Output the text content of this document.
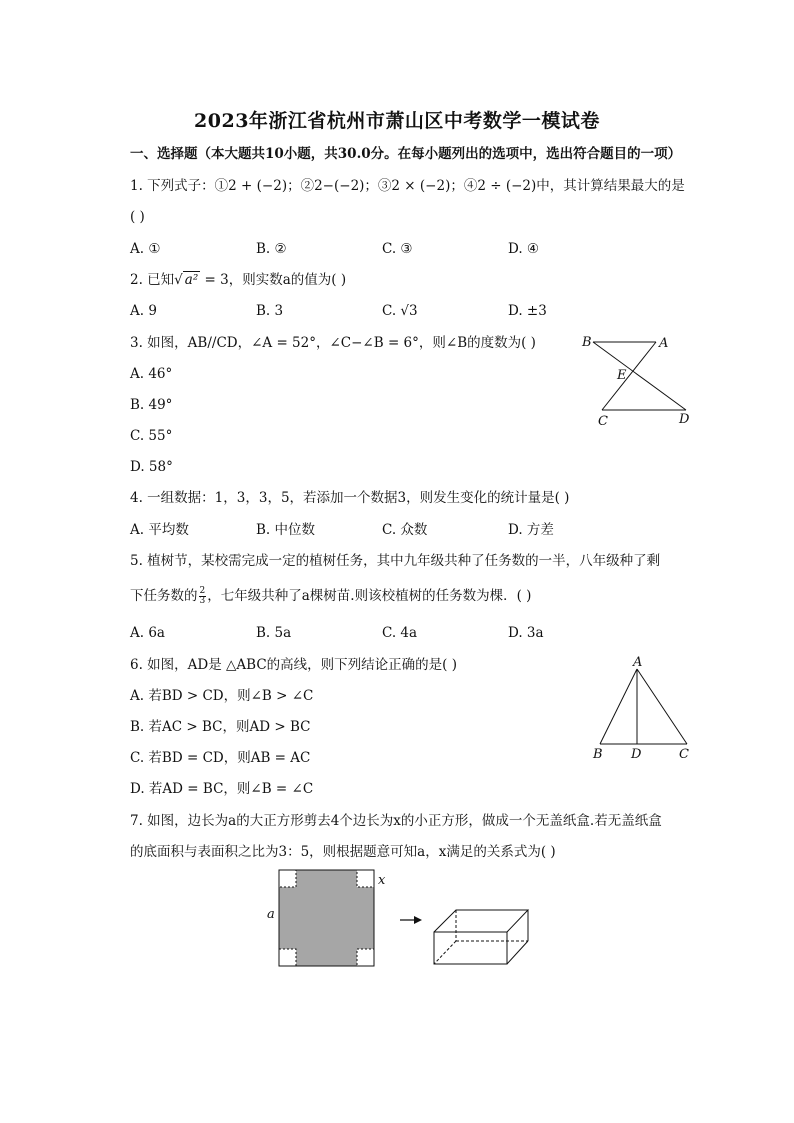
2023年浙江省杭州市萧山区中考数学一模试卷
一、选择题（本大题共10小题，共30.0分。在每小题列出的选项中，选出符合题目的一项）
1. 下列式子：①2 + (−2)；②2−(−2)；③2 × (−2)；④2 ÷ (−2)中，其计算结果最大的是
( )
A. ①	B. ②	C. ③	D. ④
2. 已知√ a² = 3，则实数a的值为( )
A. 9	B. 3	C. √3	D. ±3
3. 如图，AB//CD，∠A = 52°，∠C−∠B = 6°，则∠B的度数为( )
A. 46°
B. 49°
C. 55°
D. 58°
B	A
E
C	D
4. 一组数据：1，3，3，5，若添加一个数据3，则发生变化的统计量是( )
A. 平均数	B. 中位数	C. 众数	D. 方差
5. 植树节，某校需完成一定的植树任务，其中九年级共种了任务数的一半，八年级种了剩
下任务数的 $\frac{2}{3}$ ，七年级共种了a棵树苗.则该校植树的任务数为棵．( )
A. 6a	B. 5a	C. 4a	D. 3a
6. 如图，AD是 △ABC的高线，则下列结论正确的是( )
A. 若BD > CD，则∠B > ∠C
B. 若AC > BC，则AD > BC
C. 若BD = CD，则AB = AC
D. 若AD = BC，则∠B = ∠C
A
B D	C
7. 如图，边长为a的大正方形剪去4个边长为x的小正方形，做成一个无盖纸盒.若无盖纸盒
的底面积与表面积之比为3：5，则根据题意可知a，x满足的关系式为( )
a
x
